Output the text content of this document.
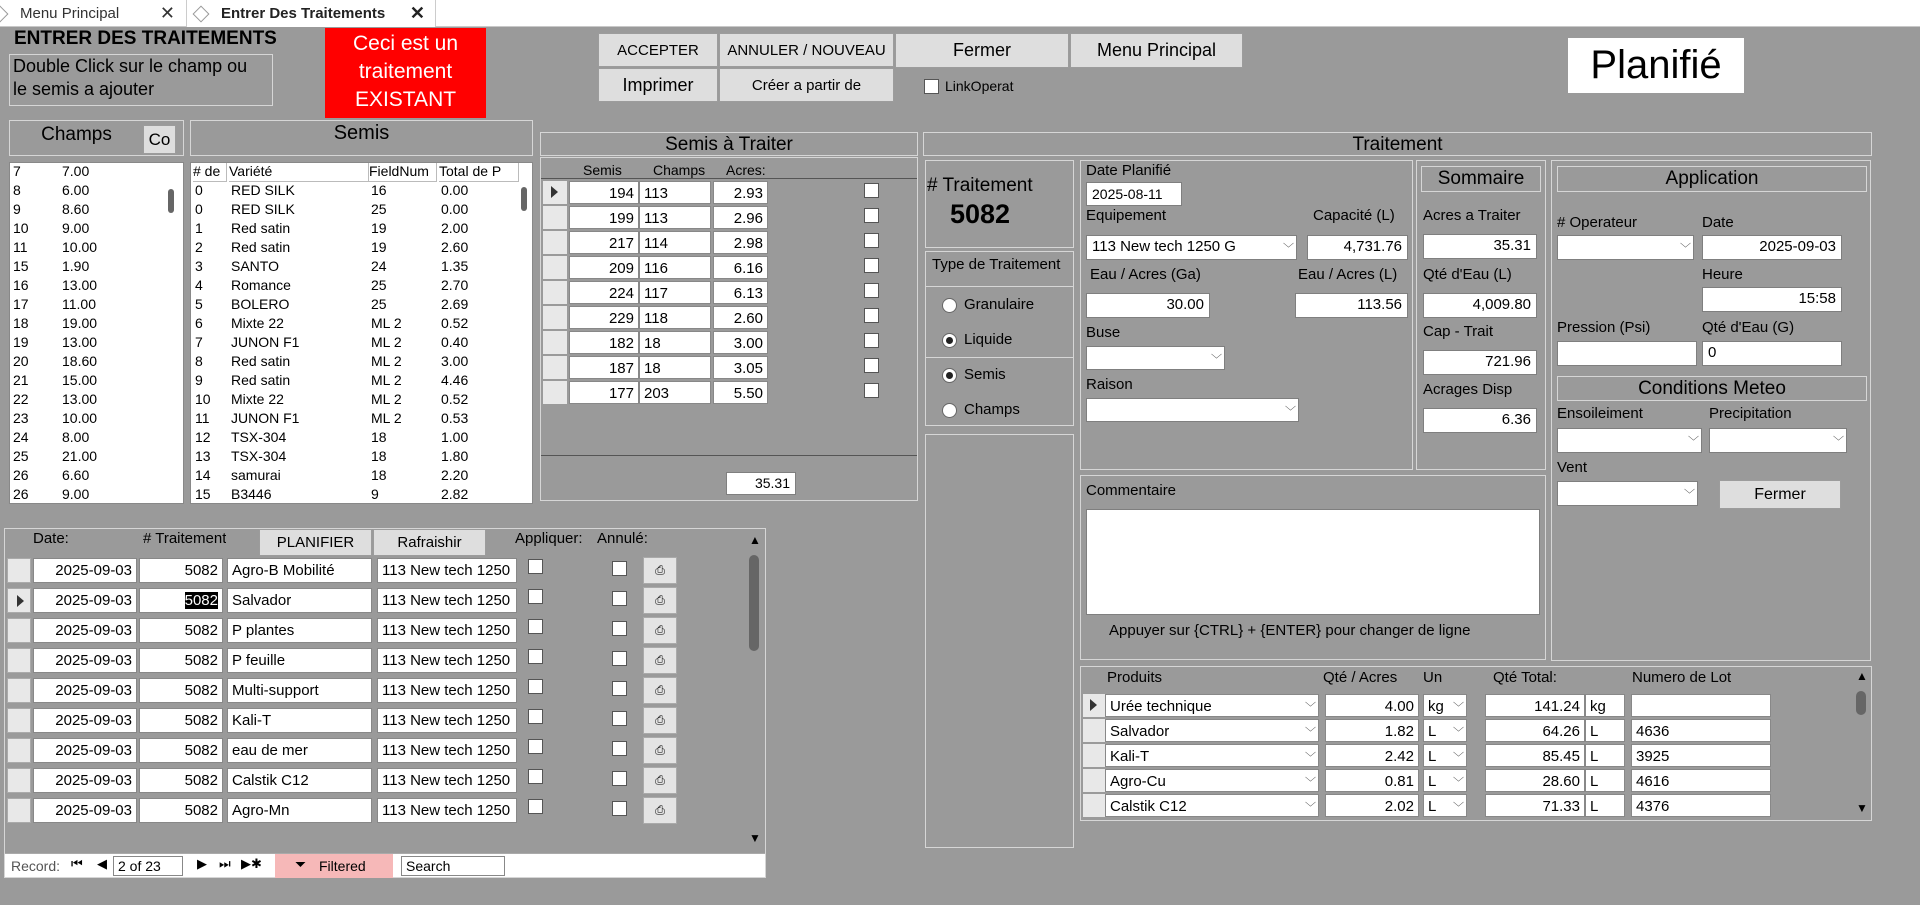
Menu Principal ✕	Entrer Des Traitements ✕
ENTRER DES TRAITEMENTS
Double Click sur le champ ou
le semis a ajouter
Ceci est un
traitement
EXISTANT
ACCEPTER	ANNULER / NOUVEAU	Fermer	Menu Principal
Imprimer	Créer a partir de	LinkOperat	Planifié
Champs	Co
7	7.00
8	6.00
9	8.60
10	9.00
11	10.00
15	1.90
16	13.00
17	11.00
18	19.00
19	13.00
20	18.60
21	15.00
22	13.00
23	10.00
24	8.00
25	21.00
26	6.60
26	9.00
Semis
# de Variété	FieldNum Total de P
0	RED SILK	16	0.00
0	RED SILK	25	0.00
1	Red satin	19	2.00
2	Red satin	19	2.60
3	SANTO	24	1.35
4	Romance	25	2.70
5	BOLERO	25	2.69
6	Mixte 22	ML 2	0.52
7	JUNON F1	ML 2	0.40
8	Red satin	ML 2	3.00
9	Red satin	ML 2	4.46
10	Mixte 22	ML 2	0.52
11	JUNON F1	ML 2	0.53
12	TSX-304	18	1.00
13	TSX-304	18	1.80
14	samurai	18	2.20
15	B3446	9	2.82
Semis à Traiter
Semis Champs Acres:
194 113	2.93
199 113	2.96
217 114	2.98
209 116	6.16
224 117	6.13
229 118	2.60
182 18	3.00
187 18	3.05
177 203	5.50
35.31
Traitement
# Traitement
5082
Type de Traitement
Granulaire
Liquide
Semis
Champs
Date Planifié
2025-08-11
Equipement	Capacité (L)
113 New tech 1250 G	﹀	4,731.76
Eau / Acres (Ga)	Eau / Acres (L)
30.00	113.56
Buse
﹀
Raison
﹀
Sommaire
Acres a Traiter
35.31
Qté d'Eau (L)
4,009.80
Cap - Trait
721.96
Acrages Disp
6.36
Application
# Operateur	Date
﹀	2025-09-03
Heure
15:58
Pression (Psi)	Qté d'Eau (G)
0
Conditions Meteo
Ensoileiment	Precipitation
﹀	﹀
Vent
﹀	Fermer
Commentaire
Appuyer sur {CTRL} + {ENTER} pour changer de ligne
Produits	Qté / Acres Un	Qté Total:	Numero de Lot
Urée technique	﹀	4.00 kg ﹀	141.24 kg
Salvador	﹀	1.82 L ﹀	64.26 L	4636
Kali-T	﹀	2.42 L ﹀	85.45 L	3925
Agro-Cu	﹀	0.81 L ﹀	28.60 L	4616
Calstik C12	﹀	2.02 L ﹀	71.33 L	4376
▲
▼
Date:	# Traitement	PLANIFIER	Rafraishir	Appliquer: Annulé:
2025-09-03	5082 Agro-B Mobilité	113 New tech 1250	⎙
2025-09-03	5082 Salvador	113 New tech 1250	⎙
2025-09-03	5082 P plantes	113 New tech 1250	⎙
2025-09-03	5082 P feuille	113 New tech 1250	⎙
2025-09-03	5082 Multi-support	113 New tech 1250	⎙
2025-09-03	5082 Kali-T	113 New tech 1250	⎙
2025-09-03	5082 eau de mer	113 New tech 1250	⎙
2025-09-03	5082 Calstik C12	113 New tech 1250	⎙
2025-09-03	5082 Agro-Mn	113 New tech 1250	⎙
▲
▼
Record: ⏮ ◀ 2 of 23	▶ ⏭ ▶✱ ⏷ Filtered	Search
